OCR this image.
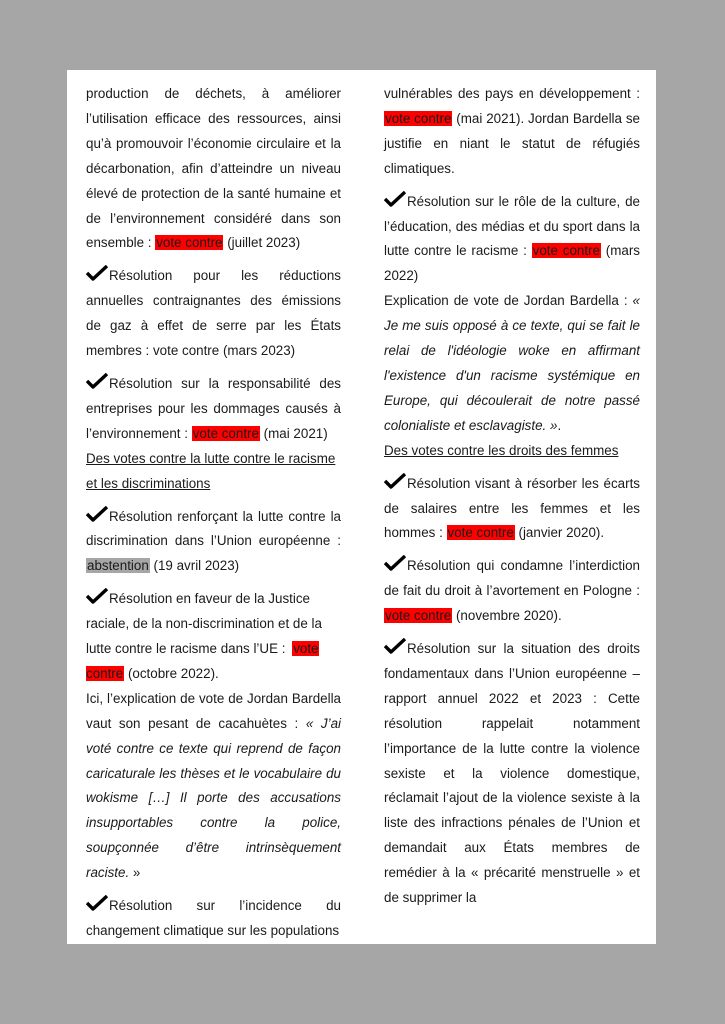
production de déchets, à améliorer l’utilisation efficace des ressources, ainsi qu’à promouvoir l’économie circulaire et la décarbonation, afin d’atteindre un niveau élevé de protection de la santé humaine et de l’environnement considéré dans son ensemble : vote contre (juillet 2023)

Résolution pour les réductions annuelles contraignantes des émissions de gaz à effet de serre par les États membres : vote contre (mars 2023)

Résolution sur la responsabilité des entreprises pour les dommages causés à l’environnement : vote contre (mai 2021)

Des votes contre la lutte contre le racisme et les discriminations

Résolution renforçant la lutte contre la discrimination dans l’Union européenne : abstention (19 avril 2023)

Résolution en faveur de la Justice raciale, de la non-discrimination et de la lutte contre le racisme dans l’UE : vote contre (octobre 2022).

Ici, l’explication de vote de Jordan Bardella vaut son pesant de cacahuètes : « J’ai voté contre ce texte qui reprend de façon caricaturale les thèses et le vocabulaire du wokisme […] Il porte des accusations insupportables contre la police, soupçonnée d’être intrinsèquement raciste. »

Résolution sur l’incidence du changement climatique sur les populations

vulnérables des pays en développement : vote contre (mai 2021). Jordan Bardella se justifie en niant le statut de réfugiés climatiques.

Résolution sur le rôle de la culture, de l’éducation, des médias et du sport dans la lutte contre le racisme : vote contre (mars 2022)

Explication de vote de Jordan Bardella : « Je me suis opposé à ce texte, qui se fait le relai de l'idéologie woke en affirmant l'existence d'un racisme systémique en Europe, qui découlerait de notre passé colonialiste et esclavagiste. ».

Des votes contre les droits des femmes

Résolution visant à résorber les écarts de salaires entre les femmes et les hommes : vote contre (janvier 2020).

Résolution qui condamne l’interdiction de fait du droit à l’avortement en Pologne : vote contre (novembre 2020).

Résolution sur la situation des droits fondamentaux dans l’Union européenne – rapport annuel 2022 et 2023 : Cette résolution rappelait notamment l’importance de la lutte contre la violence sexiste et la violence domestique, réclamait l’ajout de la violence sexiste à la liste des infractions pénales de l’Union et demandait aux États membres de remédier à la « précarité menstruelle » et de supprimer la
